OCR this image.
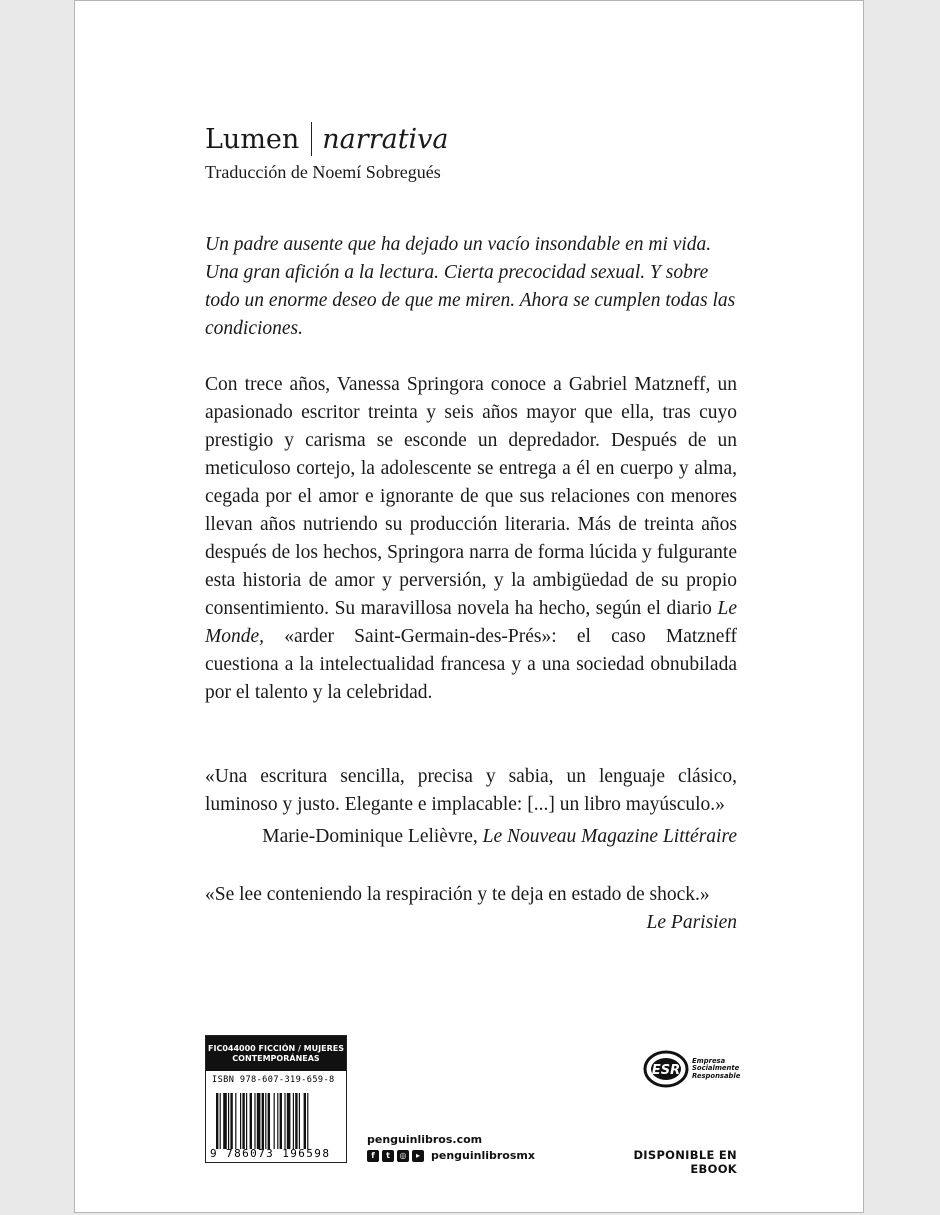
Lumen narrativa
Traducción de Noemí Sobregués
Un padre ausente que ha dejado un vacío insondable en mi vida. Una gran afición a la lectura. Cierta precocidad sexual. Y sobre todo un enorme deseo de que me miren. Ahora se cumplen todas las condiciones.
Con trece años, Vanessa Springora conoce a Gabriel Matzneff, un apasionado escritor treinta y seis años mayor que ella, tras cuyo prestigio y carisma se esconde un depredador. Después de un meticuloso cortejo, la adolescente se entrega a él en cuerpo y alma, cegada por el amor e ignorante de que sus relaciones con menores llevan años nutriendo su producción literaria. Más de treinta años después de los hechos, Springora narra de forma lúcida y fulgurante esta historia de amor y perversión, y la ambigüedad de su propio consentimiento. Su maravillosa novela ha hecho, según el diario Le Monde, «arder Saint-Germain-des-Prés»: el caso Matzneff cuestiona a la intelectualidad francesa y a una sociedad obnubilada por el talento y la celebridad.
«Una escritura sencilla, precisa y sabia, un lenguaje clásico, luminoso y justo. Elegante e implacable: [...] un libro mayúsculo.»
Marie-Dominique Lelièvre, Le Nouveau Magazine Littéraire
«Se lee conteniendo la respiración y te deja en estado de shock.»
Le Parisien
FIC044000 FICCIÓN / MUJERES
CONTEMPORÁNEAS
ISBN 978-607-319-659-8
9 786073 196598
penguinlibros.com
f	t	◎	▸	penguinlibrosmx
ESR
Empresa
Socialmente
Responsable
DISPONIBLE EN EBOOK
